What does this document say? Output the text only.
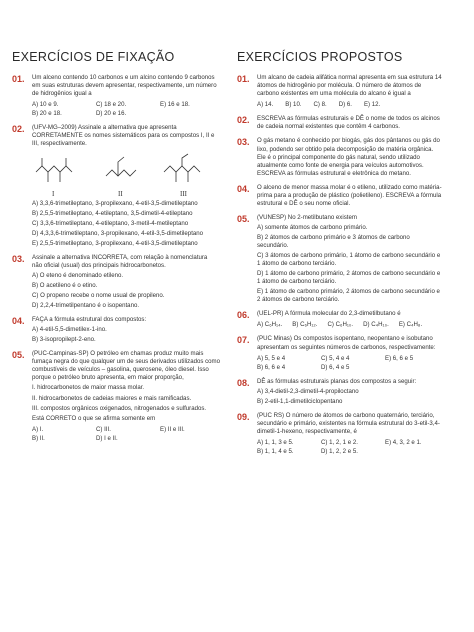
EXERCÍCIOS DE FIXAÇÃO
01.	Um alceno contendo 10 carbonos e um alcino contendo 9 carbonos em suas estruturas devem apresentar, respectivamente, um número de hidrogênios igual a
A) 10 e 9.	C) 18 e 20.	E) 16 e 18.
B) 20 e 18.	D) 20 e 16.
02.	(UFV-MG–2009) Assinale a alternativa que apresenta CORRETAMENTE os nomes sistemáticos para os compostos I, II e III, respectivamente.
I	II	III
A) 3,3,6-trimetileptano, 3-propilexano, 4-etil-3,5-dimetileptano
B) 2,5,5-trimetileptano, 4-etileptano, 3,5-dimetil-4-etileptano
C) 3,3,6-trimetileptano, 4-etileptano, 3-metil-4-metileptano
D) 4,3,3,6-trimetileptano, 3-propilexano, 4-etil-3,5-dimetileptano
E) 2,5,5-trimetileptano, 3-propilexano, 4-etil-3,5-dimetileptano
03.	Assinale a alternativa INCORRETA, com relação à nomenclatura não oficial (usual) dos principais hidrocarbonetos.
A) O eteno é denominado etileno.
B) O acetileno é o etino.
C) O propeno recebe o nome usual de propileno.
D) 2,2,4-trimetilpentano é o isopentano.
04.	FAÇA a fórmula estrutural dos compostos:
A) 4-etil-5,5-dimetilex-1-ino.
B) 3-isopropilept-2-eno.
05.	(PUC-Campinas-SP) O petróleo em chamas produz muito mais fumaça negra do que qualquer um de seus derivados utilizados como combustíveis de veículos – gasolina, querosene, óleo diesel. Isso porque o petróleo bruto apresenta, em maior proporção,
I. hidrocarbonetos de maior massa molar.
II. hidrocarbonetos de cadeias maiores e mais ramificadas.
III. compostos orgânicos oxigenados, nitrogenados e sulfurados.
Está CORRETO o que se afirma somente em
A) I.	C) III.	E) II e III.
B) II.	D) I e II.
EXERCÍCIOS PROPOSTOS
01.	Um alcano de cadeia alifática normal apresenta em sua estrutura 14 átomos de hidrogênio por molécula. O número de átomos de carbono existentes em uma molécula do alcano é igual a
A) 14. B) 10. C) 8. D) 6. E) 12.
02.	ESCREVA as fórmulas estruturais e DÊ o nome de todos os alcinos de cadeia normal existentes que contêm 4 carbonos.
03.	O gás metano é conhecido por biogás, gás dos pântanos ou gás do lixo, podendo ser obtido pela decomposição de matéria orgânica. Ele é o principal componente do gás natural, sendo utilizado atualmente como fonte de energia para veículos automotivos. ESCREVA as fórmulas estrutural e eletrônica do metano.
04.	O alceno de menor massa molar é o etileno, utilizado como matéria-prima para a produção de plástico (polietileno). ESCREVA a fórmula estrutural e DÊ o seu nome oficial.
05.	(VUNESP) No 2-metilbutano existem
A) somente átomos de carbono primário.
B) 2 átomos de carbono primário e 3 átomos de carbono secundário.
C) 3 átomos de carbono primário, 1 átomo de carbono secundário e 1 átomo de carbono terciário.
D) 1 átomo de carbono primário, 2 átomos de carbono secundário e 1 átomo de carbono terciário.
E) 1 átomo de carbono primário, 2 átomos de carbono secundário e 2 átomos de carbono terciário.
06.	(UEL-PR) A fórmula molecular do 2,3-dimetilbutano é
A) C₆H₁₄. B) C₆H₁₂. C) C₆H₁₀. D) C₄H₁₀. E) C₄H₈.
07.	(PUC Minas) Os compostos isopentano, neopentano e isobutano apresentam os seguintes números de carbonos, respectivamente:
A) 5, 5 e 4	C) 5, 4 e 4	E) 6, 6 e 5
B) 6, 6 e 4	D) 6, 4 e 5
08.	DÊ as fórmulas estruturais planas dos compostos a seguir:
A) 3,4-dietil-2,3-dimetil-4-propiloctano
B) 2-etil-1,1-dimetilciclopentano
09.	(PUC RS) O número de átomos de carbono quaternário, terciário, secundário e primário, existentes na fórmula estrutural do 3-etil-3,4-dimetil-1-hexeno, respectivamente, é
A) 1, 1, 3 e 5.	C) 1, 2, 1 e 2.	E) 4, 3, 2 e 1.
B) 1, 1, 4 e 5.	D) 1, 2, 2 e 5.
